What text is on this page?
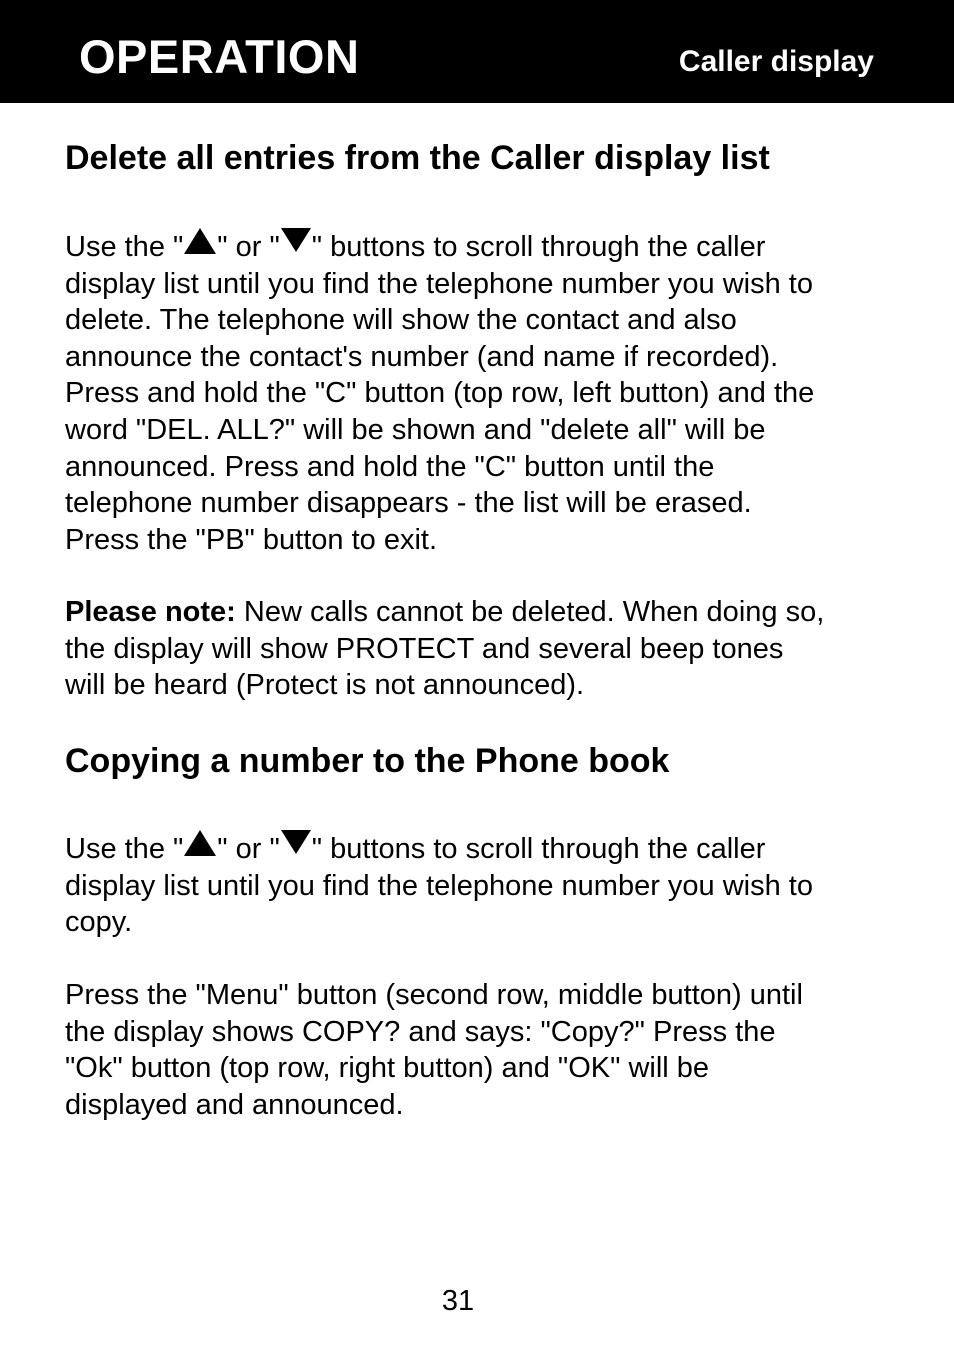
OPERATION	Caller display
Delete all entries from the Caller display list
Use the " " or " " buttons to scroll through the caller
display list until you find the telephone number you wish to
delete. The telephone will show the contact and also
announce the contact's number (and name if recorded).
Press and hold the "C" button (top row, left button) and the
word "DEL. ALL?" will be shown and "delete all" will be
announced. Press and hold the "C" button until the
telephone number disappears - the list will be erased.
Press the "PB" button to exit.
Please note: New calls cannot be deleted. When doing so,
the display will show PROTECT and several beep tones
will be heard (Protect is not announced).
Copying a number to the Phone book
Use the " " or " " buttons to scroll through the caller
display list until you find the telephone number you wish to
copy.
Press the "Menu" button (second row, middle button) until
the display shows COPY? and says: "Copy?" Press the
"Ok" button (top row, right button) and "OK" will be
displayed and announced.
31
